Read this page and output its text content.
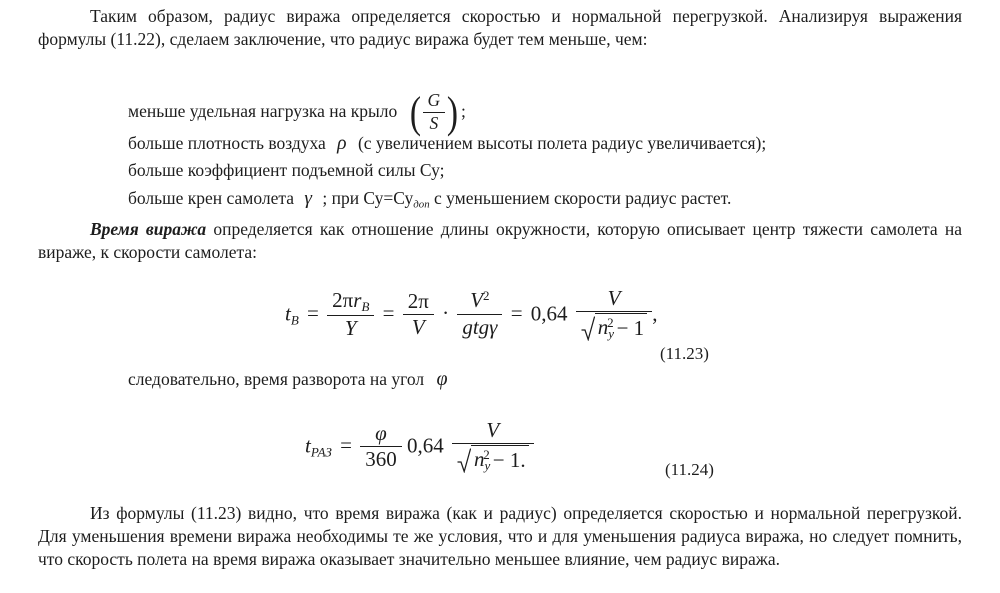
Таким образом, радиус виража определяется скоростью и нормальной перегрузкой. Анализируя выражения формулы (11.22), сделаем заключение, что радиус виража будет тем меньше, чем:
меньше удельная нагрузка на крыло ( $\frac{G}{S}$ ) ;
больше плотность воздуха ρ (с увеличением высоты полета радиус увеличивается);
больше коэффициент подъемной силы Су;
больше крен самолета γ ; при $Су=Су_{доп}$ с уменьшением скорости радиус растет.
Время виража определяется как отношение длины окружности, которую описывает центр тяжести самолета на вираже, к скорости самолета:
$t_В = \frac{2\pi r_B}{Y} = \frac{2\pi}{V} \cdot \frac{V^2}{\text{gtgγ}} = 0,64 \frac{V}{n_y^2 - 1}$ ,
(11.23)
следовательно, время разворота на угол φ
$t_{РАЗ} = \frac{\varphi}{360} 0,64 \frac{V}{n_y^2 - 1.}$	(11.24)
Из формулы (11.23) видно, что время виража (как и радиус) определяется скоростью и нормальной перегрузкой. Для уменьшения времени виража необходимы те же условия, что и для уменьшения радиуса виража, но следует помнить, что скорость полета на время виража оказывает значительно меньшее влияние, чем радиус виража.
